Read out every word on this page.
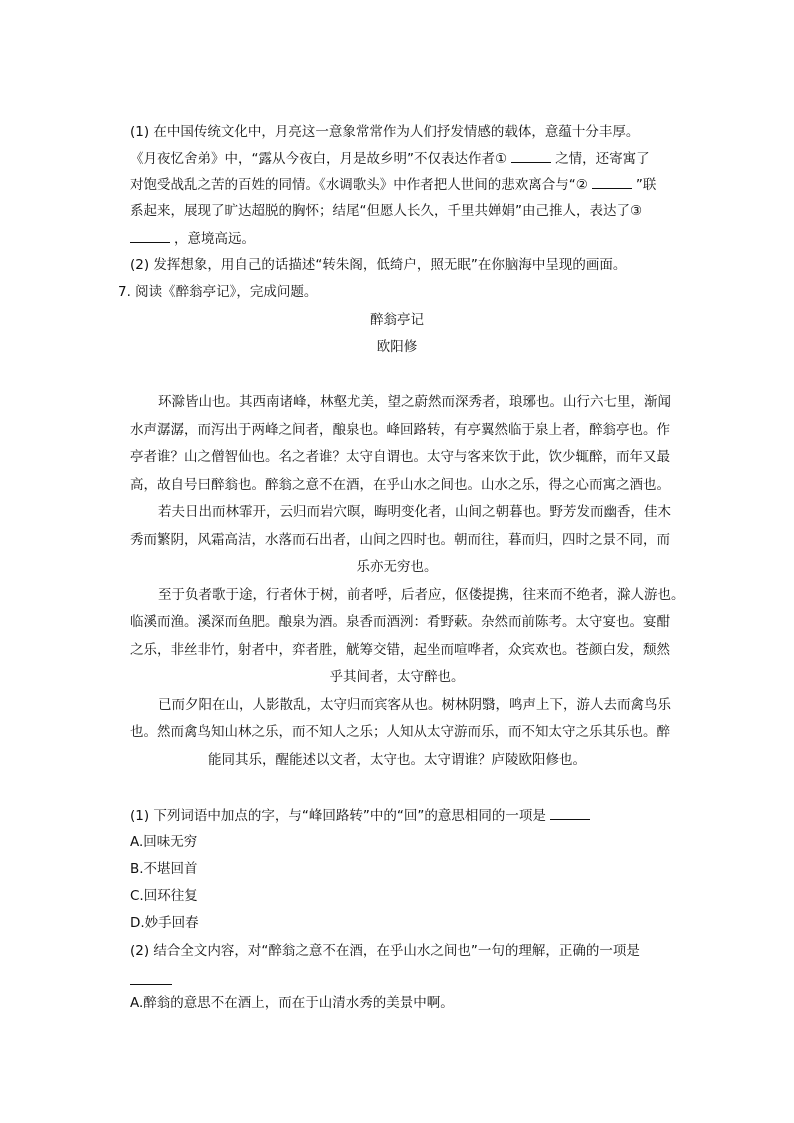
(1) 在中国传统文化中，月亮这一意象常常作为人们抒发情感的载体，意蕴十分丰厚。
《月夜忆舍弟》中，“露从今夜白，月是故乡明”不仅表达作者①	之情，还寄寓了
对饱受战乱之苦的百姓的同情。《水调歌头》中作者把人世间的悲欢离合与“②	”联
系起来，展现了旷达超脱的胸怀；结尾“但愿人长久，千里共婵娟”由己推人，表达了③
，意境高远。
(2) 发挥想象，用自己的话描述“转朱阁，低绮户，照无眠”在你脑海中呈现的画面。
7. 阅读《醉翁亭记》，完成问题。
醉翁亭记
欧阳修
环滁皆山也。其西南诸峰，林壑尤美，望之蔚然而深秀者，琅琊也。山行六七里，渐闻
水声潺潺，而泻出于两峰之间者，酿泉也。峰回路转，有亭翼然临于泉上者，醉翁亭也。作
亭者谁？山之僧智仙也。名之者谁？太守自谓也。太守与客来饮于此，饮少辄醉，而年又最
高，故自号曰醉翁也。醉翁之意不在酒，在乎山水之间也。山水之乐，得之心而寓之酒也。
若夫日出而林霏开，云归而岩穴暝，晦明变化者，山间之朝暮也。野芳发而幽香，佳木
秀而繁阴，风霜高洁，水落而石出者，山间之四时也。朝而往，暮而归，四时之景不同，而
乐亦无穷也。
至于负者歌于途，行者休于树，前者呼，后者应，伛偻提携，往来而不绝者，滁人游也。
临溪而渔。溪深而鱼肥。酿泉为酒。泉香而酒洌：肴野蔌。杂然而前陈考。太守宴也。宴酣
之乐，非丝非竹，射者中，弈者胜，觥筹交错，起坐而喧哗者，众宾欢也。苍颜白发，颓然
乎其间者，太守醉也。
已而夕阳在山，人影散乱，太守归而宾客从也。树林阴翳，鸣声上下，游人去而禽鸟乐
也。然而禽鸟知山林之乐，而不知人之乐；人知从太守游而乐，而不知太守之乐其乐也。醉
能同其乐，醒能述以文者，太守也。太守谓谁？庐陵欧阳修也。
(1) 下列词语中加点的字，与“峰回路转”中的“回”的意思相同的一项是
A.回味无穷
B.不堪回首
C.回环往复
D.妙手回春
(2) 结合全文内容，对“醉翁之意不在酒，在乎山水之间也”一句的理解，正确的一项是
A.醉翁的意思不在酒上，而在于山清水秀的美景中啊。
